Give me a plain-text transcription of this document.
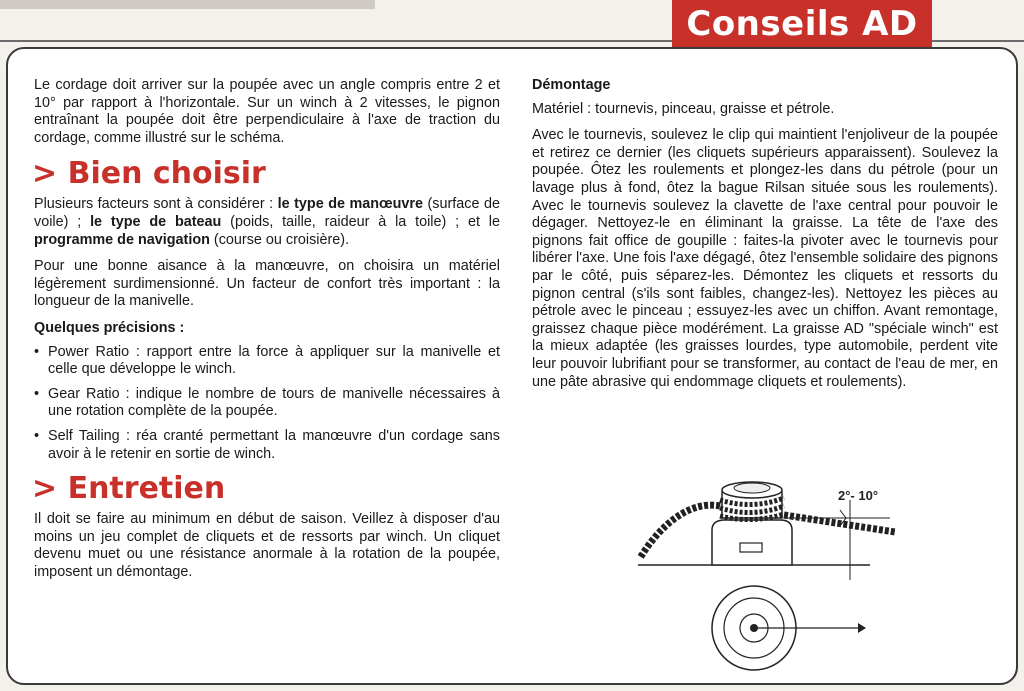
Conseils AD

Le cordage doit arriver sur la poupée avec un angle compris entre 2 et 10° par rapport à l'horizontale. Sur un winch à 2 vitesses, le pignon entraînant la poupée doit être perpendiculaire à l'axe de traction du cordage, comme illustré sur le schéma.

> Bien choisir

Plusieurs facteurs sont à considérer : le type de manœuvre (surface de voile) ; le type de bateau (poids, taille, raideur à la toile) ; et le programme de navigation (course ou croisière).

Pour une bonne aisance à la manœuvre, on choisira un matériel légèrement surdimensionné. Un facteur de confort très important : la longueur de la manivelle.

Quelques précisions :
• Power Ratio : rapport entre la force à appliquer sur la manivelle et celle que développe le winch.
• Gear Ratio : indique le nombre de tours de manivelle nécessaires à une rotation complète de la poupée.
• Self Tailing : réa cranté permettant la manœuvre d'un cordage sans avoir à le retenir en sortie de winch.
> Entretien

Il doit se faire au minimum en début de saison. Veillez à disposer d'au moins un jeu complet de cliquets et de ressorts par winch. Un cliquet devenu muet ou une résistance anormale à la rotation de la poupée, imposent un démontage.

Démontage

Matériel : tournevis, pinceau, graisse et pétrole.

Avec le tournevis, soulevez le clip qui maintient l'enjoliveur de la poupée et retirez ce dernier (les cliquets supérieurs apparaissent). Soulevez la poupée. Ôtez les roulements et plongez-les dans du pétrole (pour un lavage plus à fond, ôtez la bague Rilsan située sous les roulements). Avec le tournevis soulevez la clavette de l'axe central pour pouvoir le dégager. Nettoyez-le en éliminant la graisse. La tête de l'axe des pignons fait office de goupille : faites-la pivoter avec le tournevis pour libérer l'axe. Une fois l'axe dégagé, ôtez l'ensemble solidaire des pignons par le côté, puis séparez-les. Démontez les cliquets et ressorts du pignon central (s'ils sont faibles, changez-les). Nettoyez les pièces au pétrole avec le pinceau ; essuyez-les avec un chiffon. Avant remontage, graissez chaque pièce modérément. La graisse AD "spéciale winch" est la mieux adaptée (les graisses lourdes, type automobile, perdent vite leur pouvoir lubrifiant pour se transformer, au contact de l'eau de mer, en une pâte abrasive qui endommage cliquets et roulements).

2°- 10°
